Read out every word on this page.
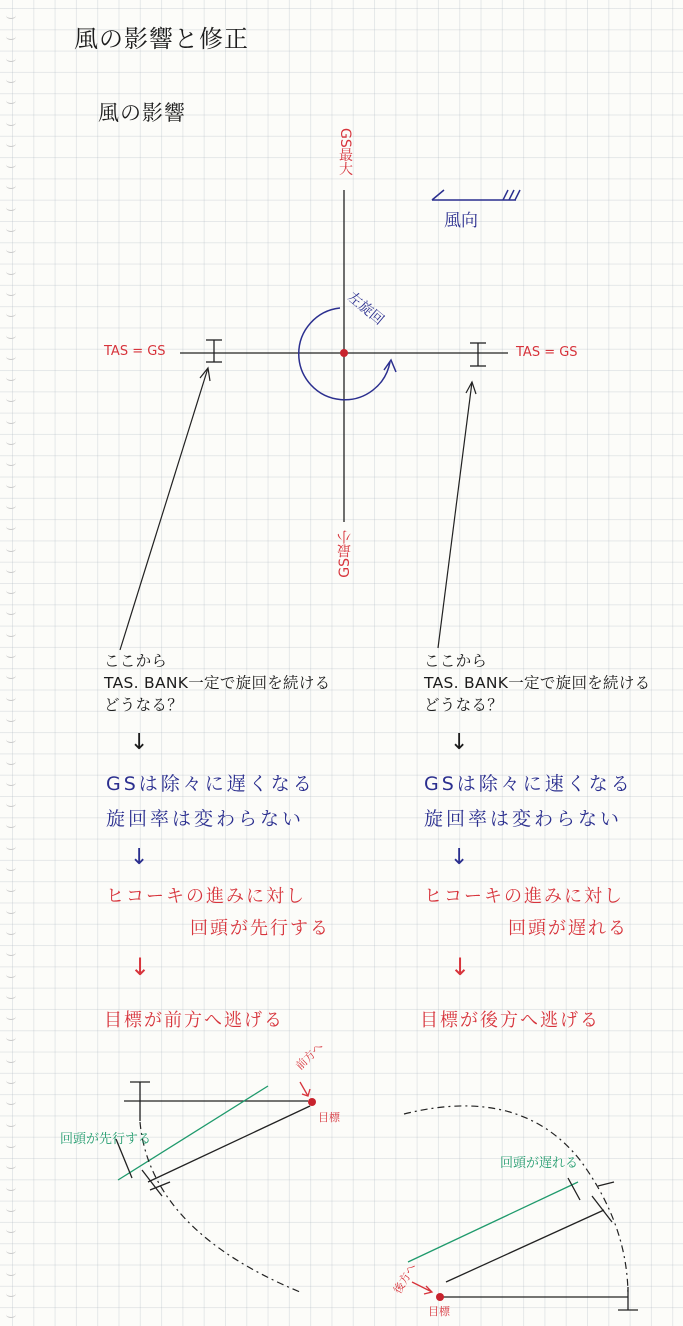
風の影響と修正
風の影響
GS最大
GS最小
TAS = GS	TAS = GS
左旋回
風向
ここから
TAS. BANK一定で旋回を続ける
どうなる？
↓
GSは除々に遅くなる
旋回率は変わらない
↓
ヒコーキの進みに対し
回頭が先行する
↓
目標が前方へ逃げる
ここから
TAS. BANK一定で旋回を続ける
どうなる？
↓
GSは除々に速くなる
旋回率は変わらない
↓
ヒコーキの進みに対し
回頭が遅れる
↓
目標が後方へ逃げる
回頭が先行する
前方へ
目標
回頭が遅れる
後方へ
目標
